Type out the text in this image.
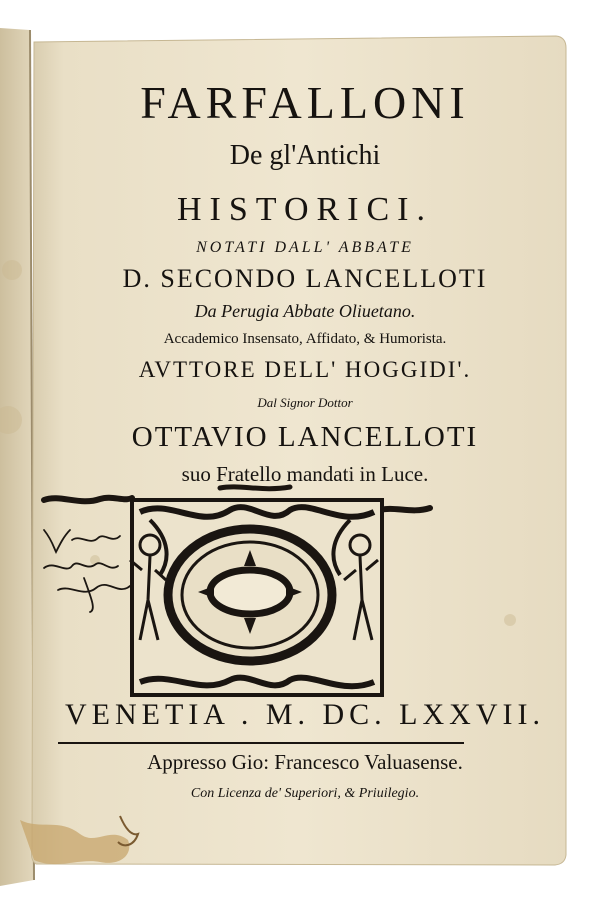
FARFALLONI
De gl'Antichi
HISTORICI.
NOTATI DALL' ABBATE
D. SECONDO LANCELLOTI
Da Perugia Abbate Oliuetano.
Accademico Insensato, Affidato, & Humorista.
AVTTORE DELL' HOGGIDI'.
Dal Signor Dottor
OTTAVIO LANCELLOTI
suo Fratello mandati in Luce.
VENETIA . M. DC. LXXVII.
Appresso Gio: Francesco Valuasense.
Con Licenza de' Superiori, & Priuilegio.
